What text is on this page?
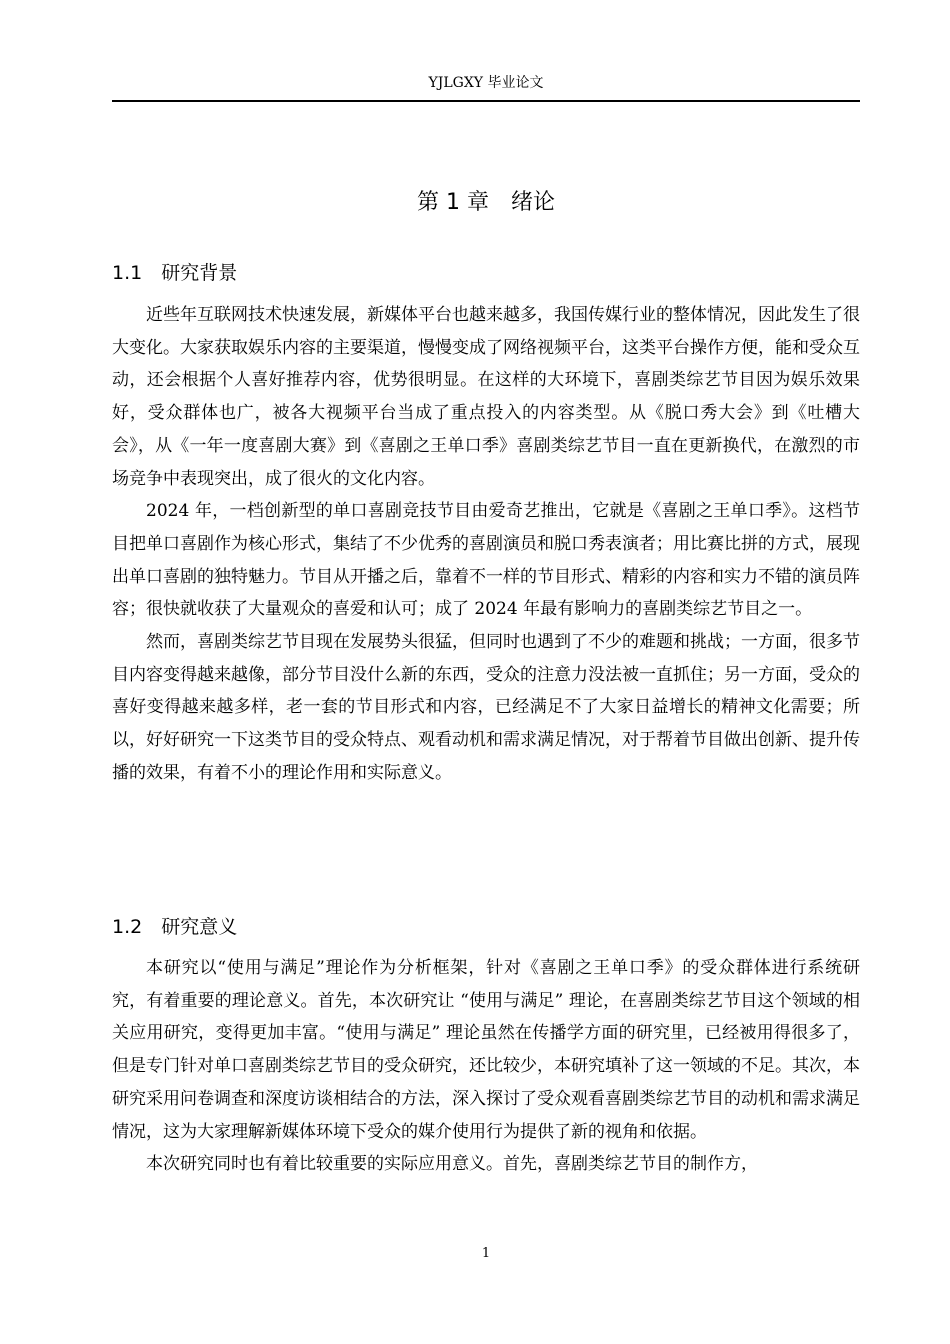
YJLGXY 毕业论文
第 1 章　绪论
1.1　研究背景

近些年互联网技术快速发展，新媒体平台也越来越多，我国传媒行业的整体情况，因此发生了很大变化。大家获取娱乐内容的主要渠道，慢慢变成了网络视频平台，这类平台操作方便，能和受众互动，还会根据个人喜好推荐内容，优势很明显。在这样的大环境下，喜剧类综艺节目因为娱乐效果好，受众群体也广，被各大视频平台当成了重点投入的内容类型。从《脱口秀大会》到《吐槽大会》，从《一年一度喜剧大赛》到《喜剧之王单口季》喜剧类综艺节目一直在更新换代，在激烈的市场竞争中表现突出，成了很火的文化内容。

2024 年，一档创新型的单口喜剧竞技节目由爱奇艺推出，它就是《喜剧之王单口季》。这档节目把单口喜剧作为核心形式，集结了不少优秀的喜剧演员和脱口秀表演者；用比赛比拼的方式，展现出单口喜剧的独特魅力。节目从开播之后，靠着不一样的节目形式、精彩的内容和实力不错的演员阵容；很快就收获了大量观众的喜爱和认可；成了 2024 年最有影响力的喜剧类综艺节目之一。

然而，喜剧类综艺节目现在发展势头很猛，但同时也遇到了不少的难题和挑战；一方面，很多节目内容变得越来越像，部分节目没什么新的东西，受众的注意力没法被一直抓住；另一方面，受众的喜好变得越来越多样，老一套的节目形式和内容，已经满足不了大家日益增长的精神文化需要；所以，好好研究一下这类节目的受众特点、观看动机和需求满足情况，对于帮着节目做出创新、提升传播的效果，有着不小的理论作用和实际意义。

1.2　研究意义

本研究以“使用与满足”理论作为分析框架，针对《喜剧之王单口季》的受众群体进行系统研究，有着重要的理论意义。首先，本次研究让 “使用与满足” 理论，在喜剧类综艺节目这个领域的相关应用研究，变得更加丰富。“使用与满足” 理论虽然在传播学方面的研究里，已经被用得很多了，但是专门针对单口喜剧类综艺节目的受众研究，还比较少，本研究填补了这一领域的不足。其次，本研究采用问卷调查和深度访谈相结合的方法，深入探讨了受众观看喜剧类综艺节目的动机和需求满足情况，这为大家理解新媒体环境下受众的媒介使用行为提供了新的视角和依据。

本次研究同时也有着比较重要的实际应用意义。首先，喜剧类综艺节目的制作方，

1
